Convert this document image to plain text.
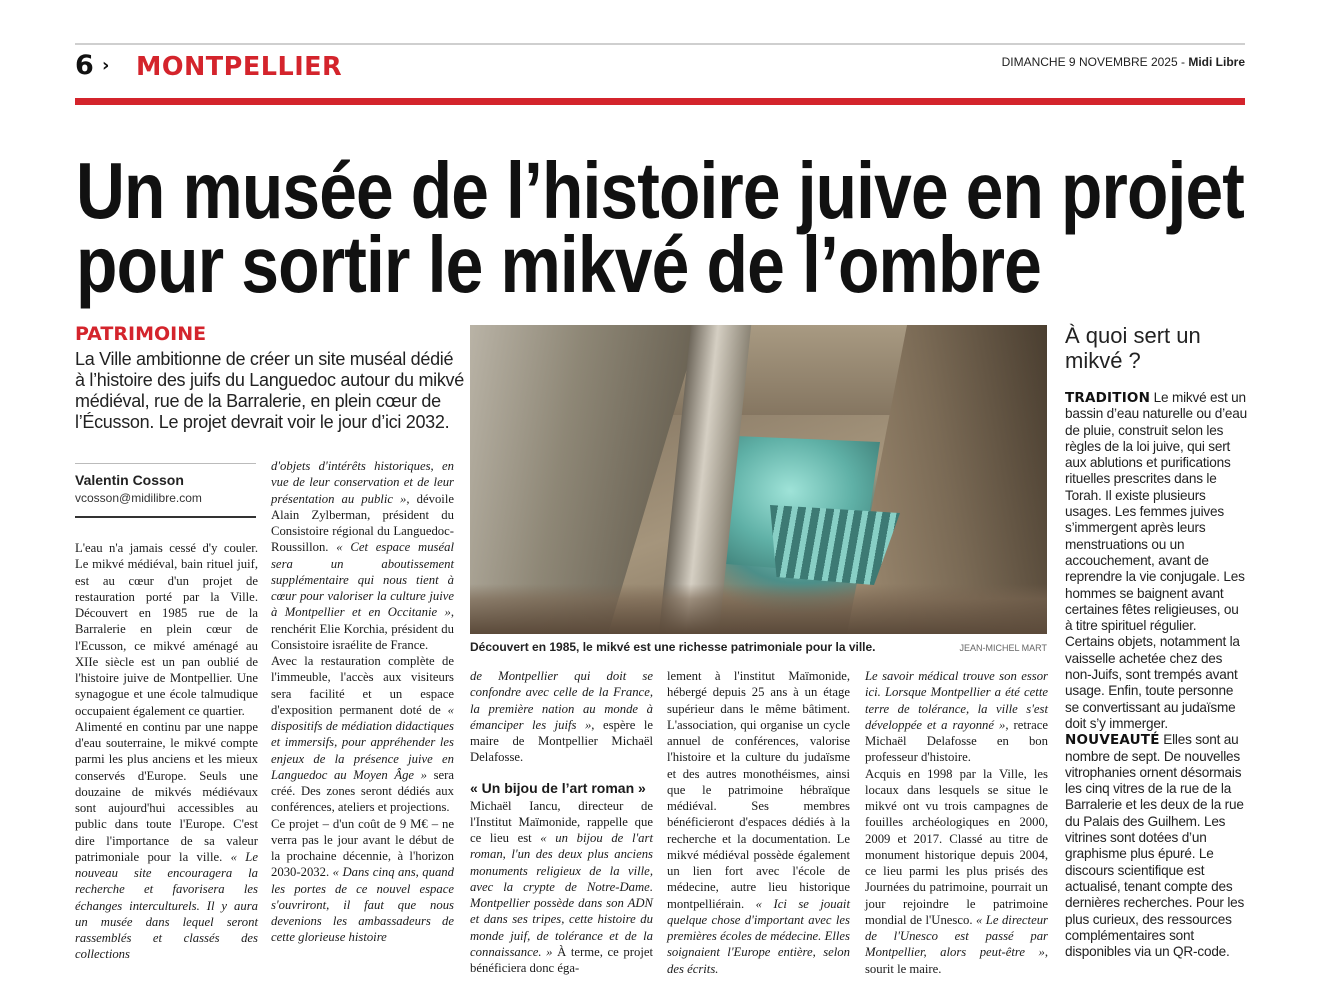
6 › MONTPELLIER	DIMANCHE 9 NOVEMBRE 2025 - Midi Libre
Un musée de l’histoire juive en projet
pour sortir le mikvé de l’ombre
PATRIMOINE
La Ville ambitionne de créer un site muséal dédié à l’histoire des juifs du Languedoc autour du mikvé médiéval, rue de la Barralerie, en plein cœur de l’Écusson. Le projet devrait voir le jour d’ici 2032.
Valentin Cosson
vcosson@midilibre.com
Découvert en 1985, le mikvé est une richesse patrimoniale pour la ville.	JEAN-MICHEL MART

L'eau n'a jamais cessé d'y couler. Le mikvé médiéval, bain rituel juif, est au cœur d'un projet de restauration porté par la Ville. Découvert en 1985 rue de la Barralerie en plein cœur de l'Ecusson, ce mikvé aménagé au XIIe siècle est un pan oublié de l'histoire juive de Montpellier. Une synagogue et une école talmudique occupaient également ce quartier.

Alimenté en continu par une nappe d'eau souterraine, le mikvé compte parmi les plus anciens et les mieux conservés d'Europe. Seuls une douzaine de mikvés médiévaux sont aujourd'hui accessibles au public dans toute l'Europe. C'est dire l'importance de sa valeur patrimoniale pour la ville. « Le nouveau site encouragera la recherche et favorisera les échanges interculturels. Il y aura un musée dans lequel seront rassemblés et classés des collections

d'objets d'intérêts historiques, en vue de leur conservation et de leur présentation au public », dévoile Alain Zylberman, président du Consistoire régional du Languedoc-Roussillon. « Cet espace muséal sera un aboutissement supplémentaire qui nous tient à cœur pour valoriser la culture juive à Montpellier et en Occitanie », renchérit Elie Korchia, président du Consistoire israélite de France.

Avec la restauration complète de l'immeuble, l'accès aux visiteurs sera facilité et un espace d'exposition permanent doté de « dispositifs de médiation didactiques et immersifs, pour appréhender les enjeux de la présence juive en Languedoc au Moyen Âge » sera créé. Des zones seront dédiés aux conférences, ateliers et projections.

Ce projet – d'un coût de 9 M€ – ne verra pas le jour avant le début de la prochaine décennie, à l'horizon 2030-2032. « Dans cinq ans, quand les portes de ce nouvel espace s'ouvriront, il faut que nous devenions les ambassadeurs de cette glorieuse histoire

de Montpellier qui doit se confondre avec celle de la France, la première nation au monde à émanciper les juifs », espère le maire de Montpellier Michaël Delafosse.

« Un bijou de l’art roman »

Michaël Iancu, directeur de l'Institut Maïmonide, rappelle que ce lieu est « un bijou de l'art roman, l'un des deux plus anciens monuments religieux de la ville, avec la crypte de Notre-Dame. Montpellier possède dans son ADN et dans ses tripes, cette histoire du monde juif, de tolérance et de la connaissance. » À terme, ce projet bénéficiera donc éga-

lement à l'institut Maïmonide, hébergé depuis 25 ans à un étage supérieur dans le même bâtiment. L'association, qui organise un cycle annuel de conférences, valorise l'histoire et la culture du judaïsme et des autres monothéismes, ainsi que le patrimoine hébraïque médiéval. Ses membres bénéficieront d'espaces dédiés à la recherche et la documentation. Le mikvé médiéval possède également un lien fort avec l'école de médecine, autre lieu historique montpelliérain. « Ici se jouait quelque chose d'important avec les premières écoles de médecine. Elles soignaient l'Europe entière, selon des écrits.

Le savoir médical trouve son essor ici. Lorsque Montpellier a été cette terre de tolérance, la ville s'est développée et a rayonné », retrace Michaël Delafosse en bon professeur d'histoire.

Acquis en 1998 par la Ville, les locaux dans lesquels se situe le mikvé ont vu trois campagnes de fouilles archéologiques en 2000, 2009 et 2017. Classé au titre de monument historique depuis 2004, ce lieu parmi les plus prisés des Journées du patrimoine, pourrait un jour rejoindre le patrimoine mondial de l'Unesco. « Le directeur de l'Unesco est passé par Montpellier, alors peut-être », sourit le maire.

À quoi sert un mikvé ?

TRADITION Le mikvé est un bassin d’eau naturelle ou d’eau de pluie, construit selon les règles de la loi juive, qui sert aux ablutions et purifications rituelles prescrites dans le Torah. Il existe plusieurs usages. Les femmes juives s’immergent après leurs menstruations ou un accouchement, avant de reprendre la vie conjugale. Les hommes se baignent avant certaines fêtes religieuses, ou à titre spirituel régulier. Certains objets, notamment la vaisselle achetée chez des non-Juifs, sont trempés avant usage. Enfin, toute personne se convertissant au judaïsme doit s’y immerger.

NOUVEAUTÉ Elles sont au nombre de sept. De nouvelles vitrophanies ornent désormais les cinq vitres de la rue de la Barralerie et les deux de la rue du Palais des Guilhem. Les vitrines sont dotées d’un graphisme plus épuré. Le discours scientifique est actualisé, tenant compte des dernières recherches. Pour les plus curieux, des ressources complémentaires sont disponibles via un QR-code.
